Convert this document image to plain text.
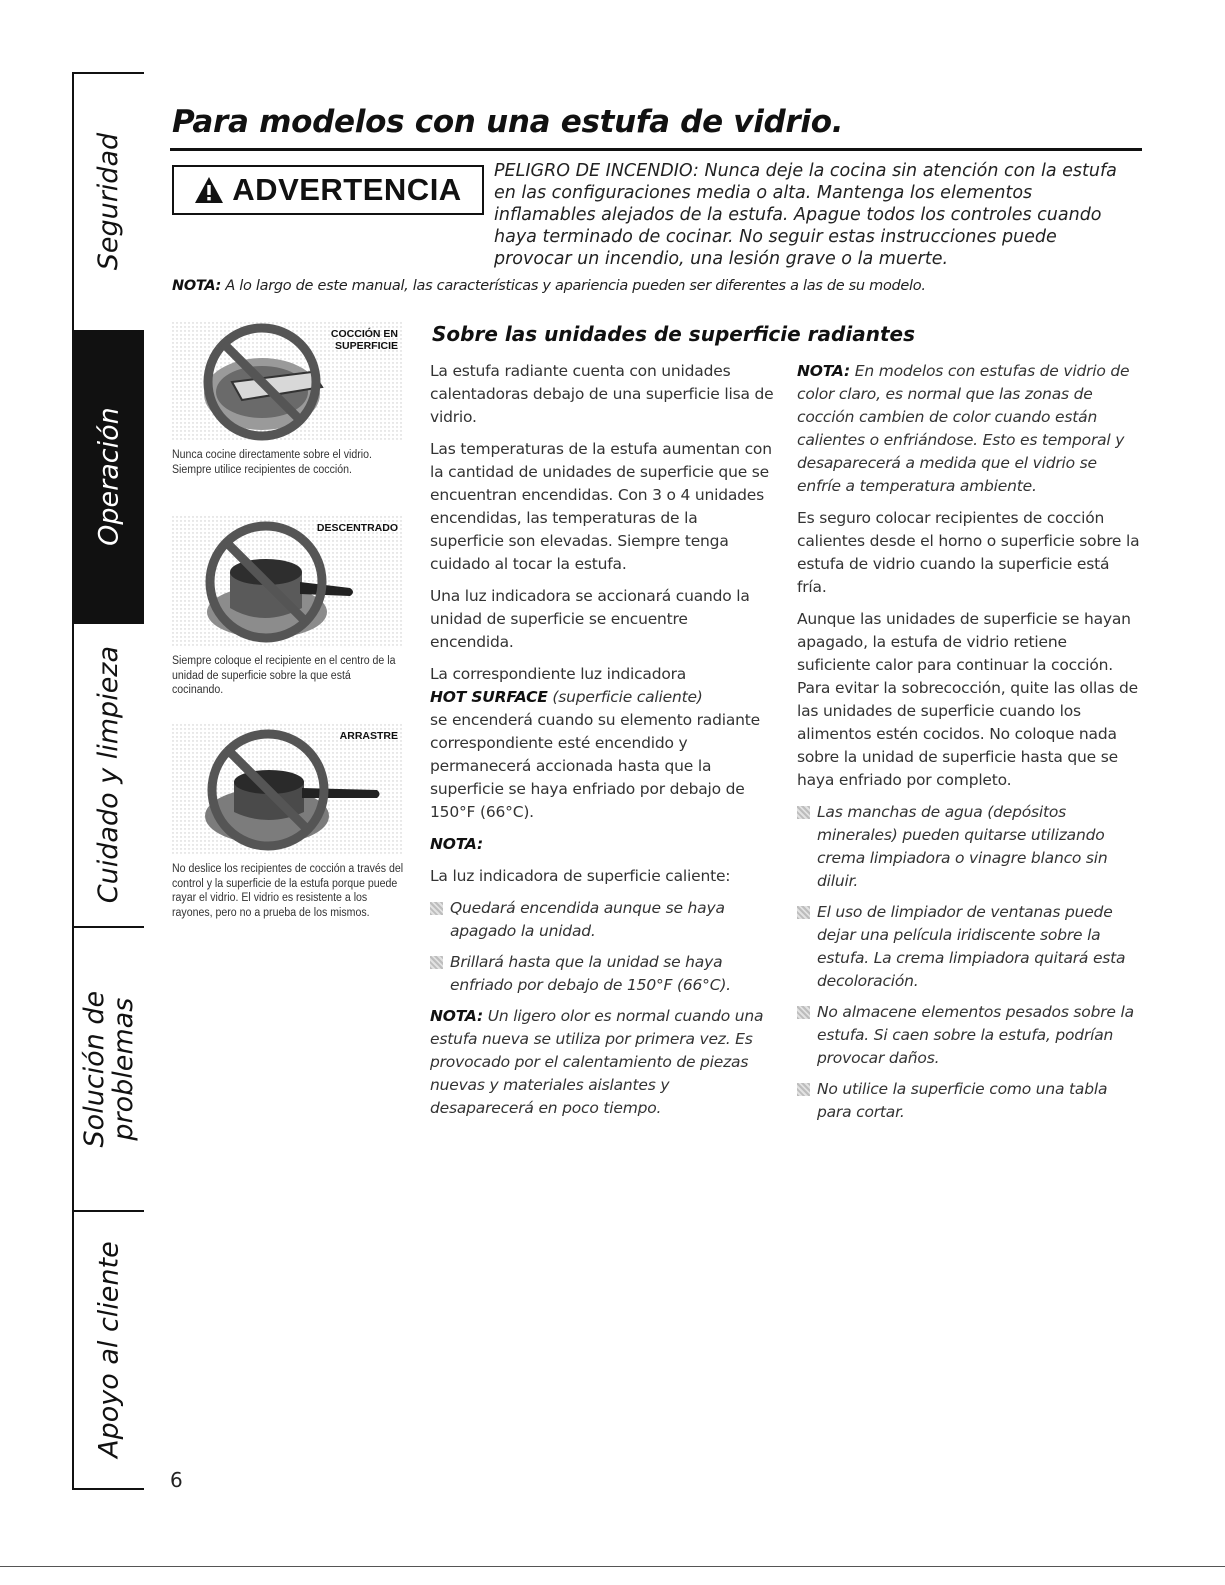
Seguridad
Operación
Cuidado y limpieza
Solución de
problemas
Apoyo al cliente
Para modelos con una estufa de vidrio.
ADVERTENCIA

PELIGRO DE INCENDIO: Nunca deje la cocina sin atención con la estufa en las configuraciones media o alta. Mantenga los elementos inflamables alejados de la estufa. Apague todos los controles cuando haya terminado de cocinar. No seguir estas instrucciones puede provocar un incendio, una lesión grave o la muerte.

NOTA: A lo largo de este manual, las características y apariencia pueden ser diferentes a las de su modelo.

COCCIÓN EN
SUPERFICIE

Nunca cocine directamente sobre el vidrio. Siempre utilice recipientes de cocción.

DESCENTRADO

Siempre coloque el recipiente en el centro de la unidad de superficie sobre la que está cocinando.

ARRASTRE

No deslice los recipientes de cocción a través del control y la superficie de la estufa porque puede rayar el vidrio. El vidrio es resistente a los rayones, pero no a prueba de los mismos.

Sobre las unidades de superficie radiantes

La estufa radiante cuenta con unidades calentadoras debajo de una superficie lisa de vidrio.

Las temperaturas de la estufa aumentan con la cantidad de unidades de superficie que se encuentran encendidas. Con 3 o 4 unidades encendidas, las temperaturas de la superficie son elevadas. Siempre tenga cuidado al tocar la estufa.

Una luz indicadora se accionará cuando la unidad de superficie se encuentre encendida.

La correspondiente luz indicadora
HOT SURFACE (superficie caliente)
se encenderá cuando su elemento radiante correspondiente esté encendido y permanecerá accionada hasta que la superficie se haya enfriado por debajo de 150°F (66°C).

NOTA:

La luz indicadora de superficie caliente:

Quedará encendida aunque se haya apagado la unidad.
Brillará hasta que la unidad se haya enfriado por debajo de 150°F (66°C).

NOTA: Un ligero olor es normal cuando una estufa nueva se utiliza por primera vez. Es provocado por el calentamiento de piezas nuevas y materiales aislantes y desaparecerá en poco tiempo.

NOTA: En modelos con estufas de vidrio de color claro, es normal que las zonas de cocción cambien de color cuando están calientes o enfriándose. Esto es temporal y desaparecerá a medida que el vidrio se enfríe a temperatura ambiente.

Es seguro colocar recipientes de cocción calientes desde el horno o superficie sobre la estufa de vidrio cuando la superficie está fría.

Aunque las unidades de superficie se hayan apagado, la estufa de vidrio retiene suficiente calor para continuar la cocción. Para evitar la sobrecocción, quite las ollas de las unidades de superficie cuando los alimentos estén cocidos. No coloque nada sobre la unidad de superficie hasta que se haya enfriado por completo.

Las manchas de agua (depósitos minerales) pueden quitarse utilizando crema limpiadora o vinagre blanco sin diluir.
El uso de limpiador de ventanas puede dejar una película iridiscente sobre la estufa. La crema limpiadora quitará esta decoloración.
No almacene elementos pesados sobre la estufa. Si caen sobre la estufa, podrían provocar daños.
No utilice la superficie como una tabla para cortar.
6
